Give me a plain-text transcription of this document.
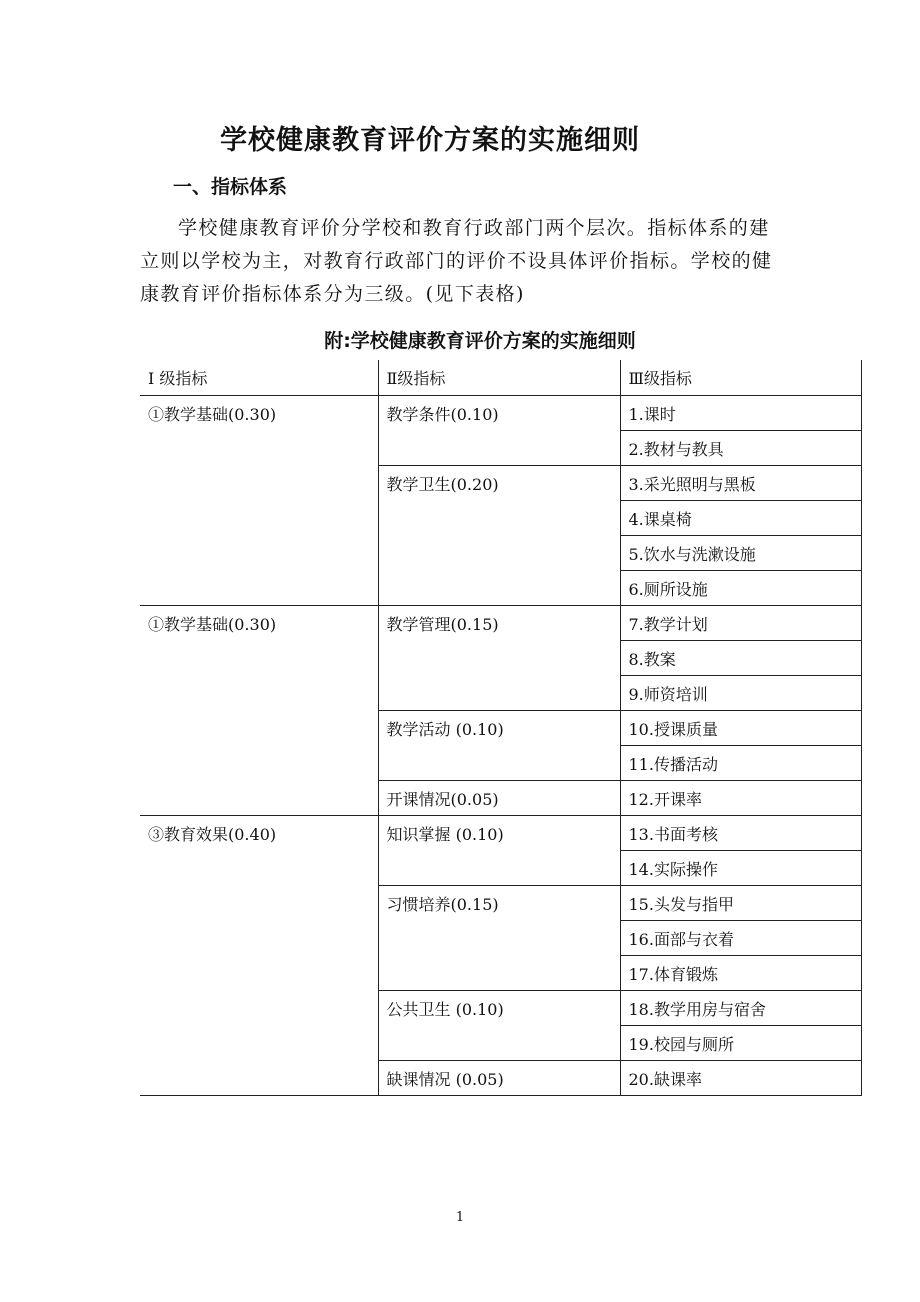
学校健康教育评价方案的实施细则
一、指标体系

学校健康教育评价分学校和教育行政部门两个层次。指标体系的建立则以学校为主，对教育行政部门的评价不设具体评价指标。学校的健康教育评价指标体系分为三级。(见下表格)

附:学校健康教育评价方案的实施细则
Ⅰ 级指标	Ⅱ级指标	Ⅲ级指标
①教学基础(0.30)	教学条件(0.10)	1.课时
		2.教材与教具
	教学卫生(0.20)	3.采光照明与黑板
		4.课桌椅
		5.饮水与洗漱设施
		6.厕所设施
①教学基础(0.30)	教学管理(0.15)	7.教学计划
		8.教案
		9.师资培训
	教学活动 (0.10)	10.授课质量
		11.传播活动
	开课情况(0.05)	12.开课率
③教育效果(0.40)	知识掌握 (0.10)	13.书面考核
		14.实际操作
	习惯培养(0.15)	15.头发与指甲
		16.面部与衣着
		17.体育锻炼
	公共卫生 (0.10)	18.教学用房与宿舍
		19.校园与厕所
	缺课情况 (0.05)	20.缺课率

1
